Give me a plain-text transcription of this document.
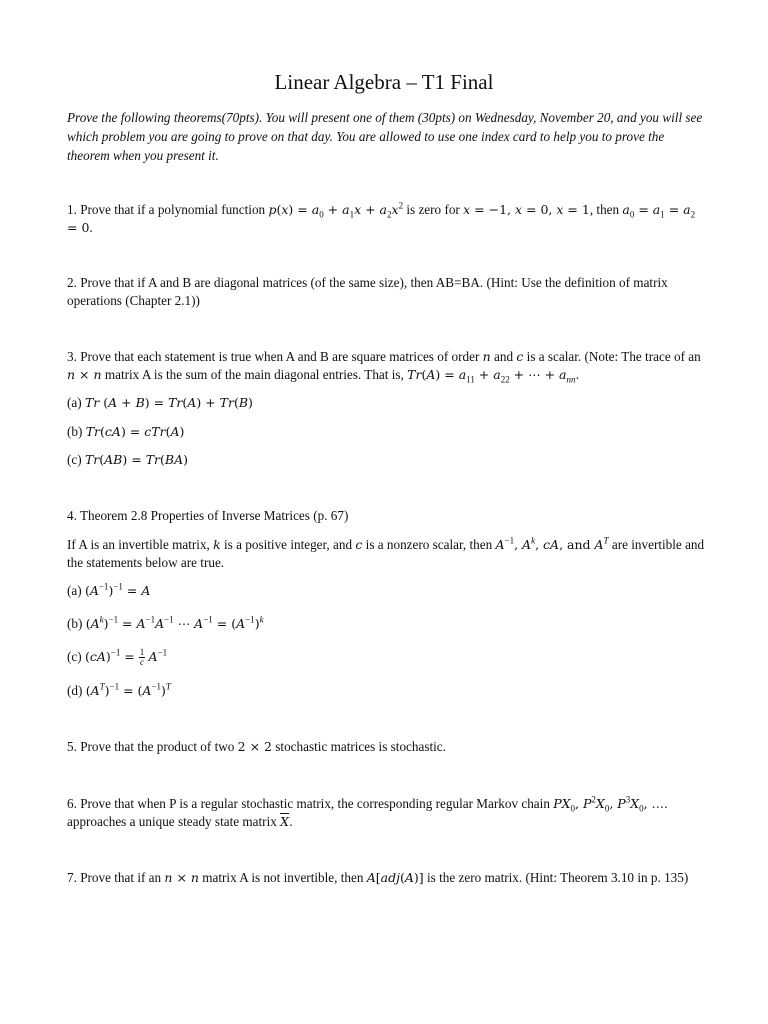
Linear Algebra – T1 Final

Prove the following theorems(70pts). You will present one of them (30pts) on Wednesday, November 20, and you will see which problem you are going to prove on that day. You are allowed to use one index card to help you to prove the theorem when you present it.

1. Prove that if a polynomial function $p(x) = a_0 + a_1x + a_2x^2$ is zero for x = −1, x = 0, x = 1, then $a_0 = a_1 = a_2 = 0$.

2. Prove that if A and B are diagonal matrices (of the same size), then AB=BA. (Hint: Use the definition of matrix operations (Chapter 2.1))

3. Prove that each statement is true when A and B are square matrices of order n and c is a scalar. (Note: The trace of an n × n matrix A is the sum of the main diagonal entries. That is, $Tr(A) = a_{11} + a_{22}$ + ⋯ + $a_{nn}$.

(a) Tr (A + B) = Tr(A) + Tr(B)

(b) Tr(cA) = cTr(A)

(c) Tr(AB) = Tr(BA)

4. Theorem 2.8 Properties of Inverse Matrices (p. 67)

If A is an invertible matrix, k is a positive integer, and c is a nonzero scalar, then $A^{-1}$, $A^k$, cA, and $A^T$ are invertible and the statements below are true.

(a) $(A^{-1})^{-1} = A$

(b) $(A^k)^{-1} = A^{-1}A^{-1}$ ⋯ $A^{-1} = (A^{-1})^k$

(c) $(cA)^{-1} = \frac{1}{c} A^{-1}$

(d) $(A^T)^{-1} = (A^{-1})^T$

5. Prove that the product of two 2 × 2 stochastic matrices is stochastic.

6. Prove that when P is a regular stochastic matrix, the corresponding regular Markov chain $PX_0$, $P^2X_0$, $P^3X_0$, …. approaches a unique steady state matrix $\overline{X}$.

7. Prove that if an n × n matrix A is not invertible, then A[adj(A)] is the zero matrix. (Hint: Theorem 3.10 in p. 135)
